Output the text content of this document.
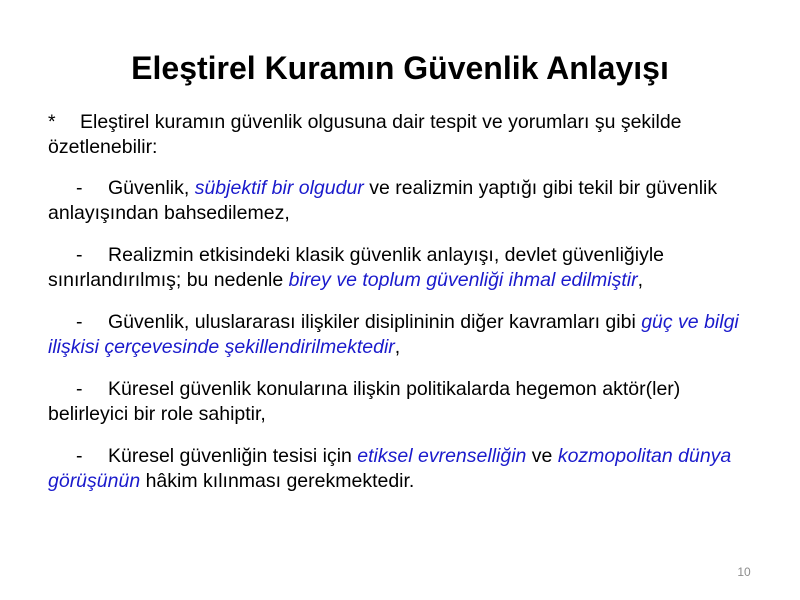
Eleştirel Kuramın Güvenlik Anlayışı

* Eleştirel kuramın güvenlik olgusuna dair tespit ve yorumları şu şekilde özetlenebilir:

- Güvenlik, sübjektif bir olgudur ve realizmin yaptığı gibi tekil bir güvenlik anlayışından bahsedilemez,

- Realizmin etkisindeki klasik güvenlik anlayışı, devlet güvenliğiyle sınırlandırılmış; bu nedenle birey ve toplum güvenliği ihmal edilmiştir,

- Güvenlik, uluslararası ilişkiler disiplininin diğer kavramları gibi güç ve bilgi ilişkisi çerçevesinde şekillendirilmektedir,

- Küresel güvenlik konularına ilişkin politikalarda hegemon aktör(ler) belirleyici bir role sahiptir,

- Küresel güvenliğin tesisi için etiksel evrenselliğin ve kozmopolitan dünya görüşünün hâkim kılınması gerekmektedir.

10
